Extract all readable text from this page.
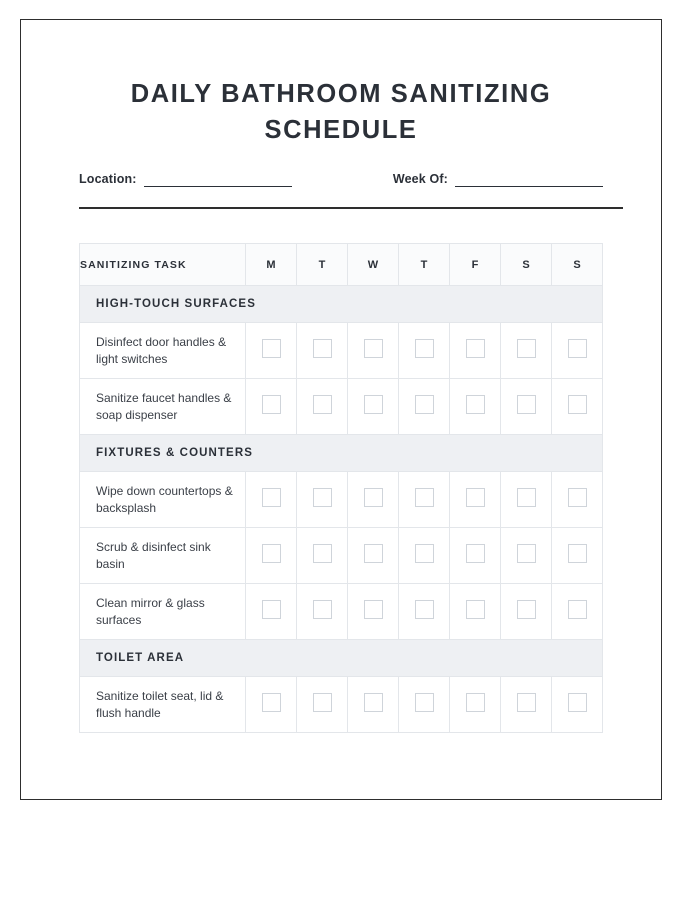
DAILY BATHROOM SANITIZING SCHEDULE
Location:	Week Of:
SANITIZING TASK	M	T	W	T	F	S	S
HIGH-TOUCH SURFACES							
Disinfect door handles & light switches							
Sanitize faucet handles & soap dispenser							
FIXTURES & COUNTERS							
Wipe down countertops & backsplash							
Scrub & disinfect sink basin							
Clean mirror & glass surfaces							
TOILET AREA							
Sanitize toilet seat, lid & flush handle							
